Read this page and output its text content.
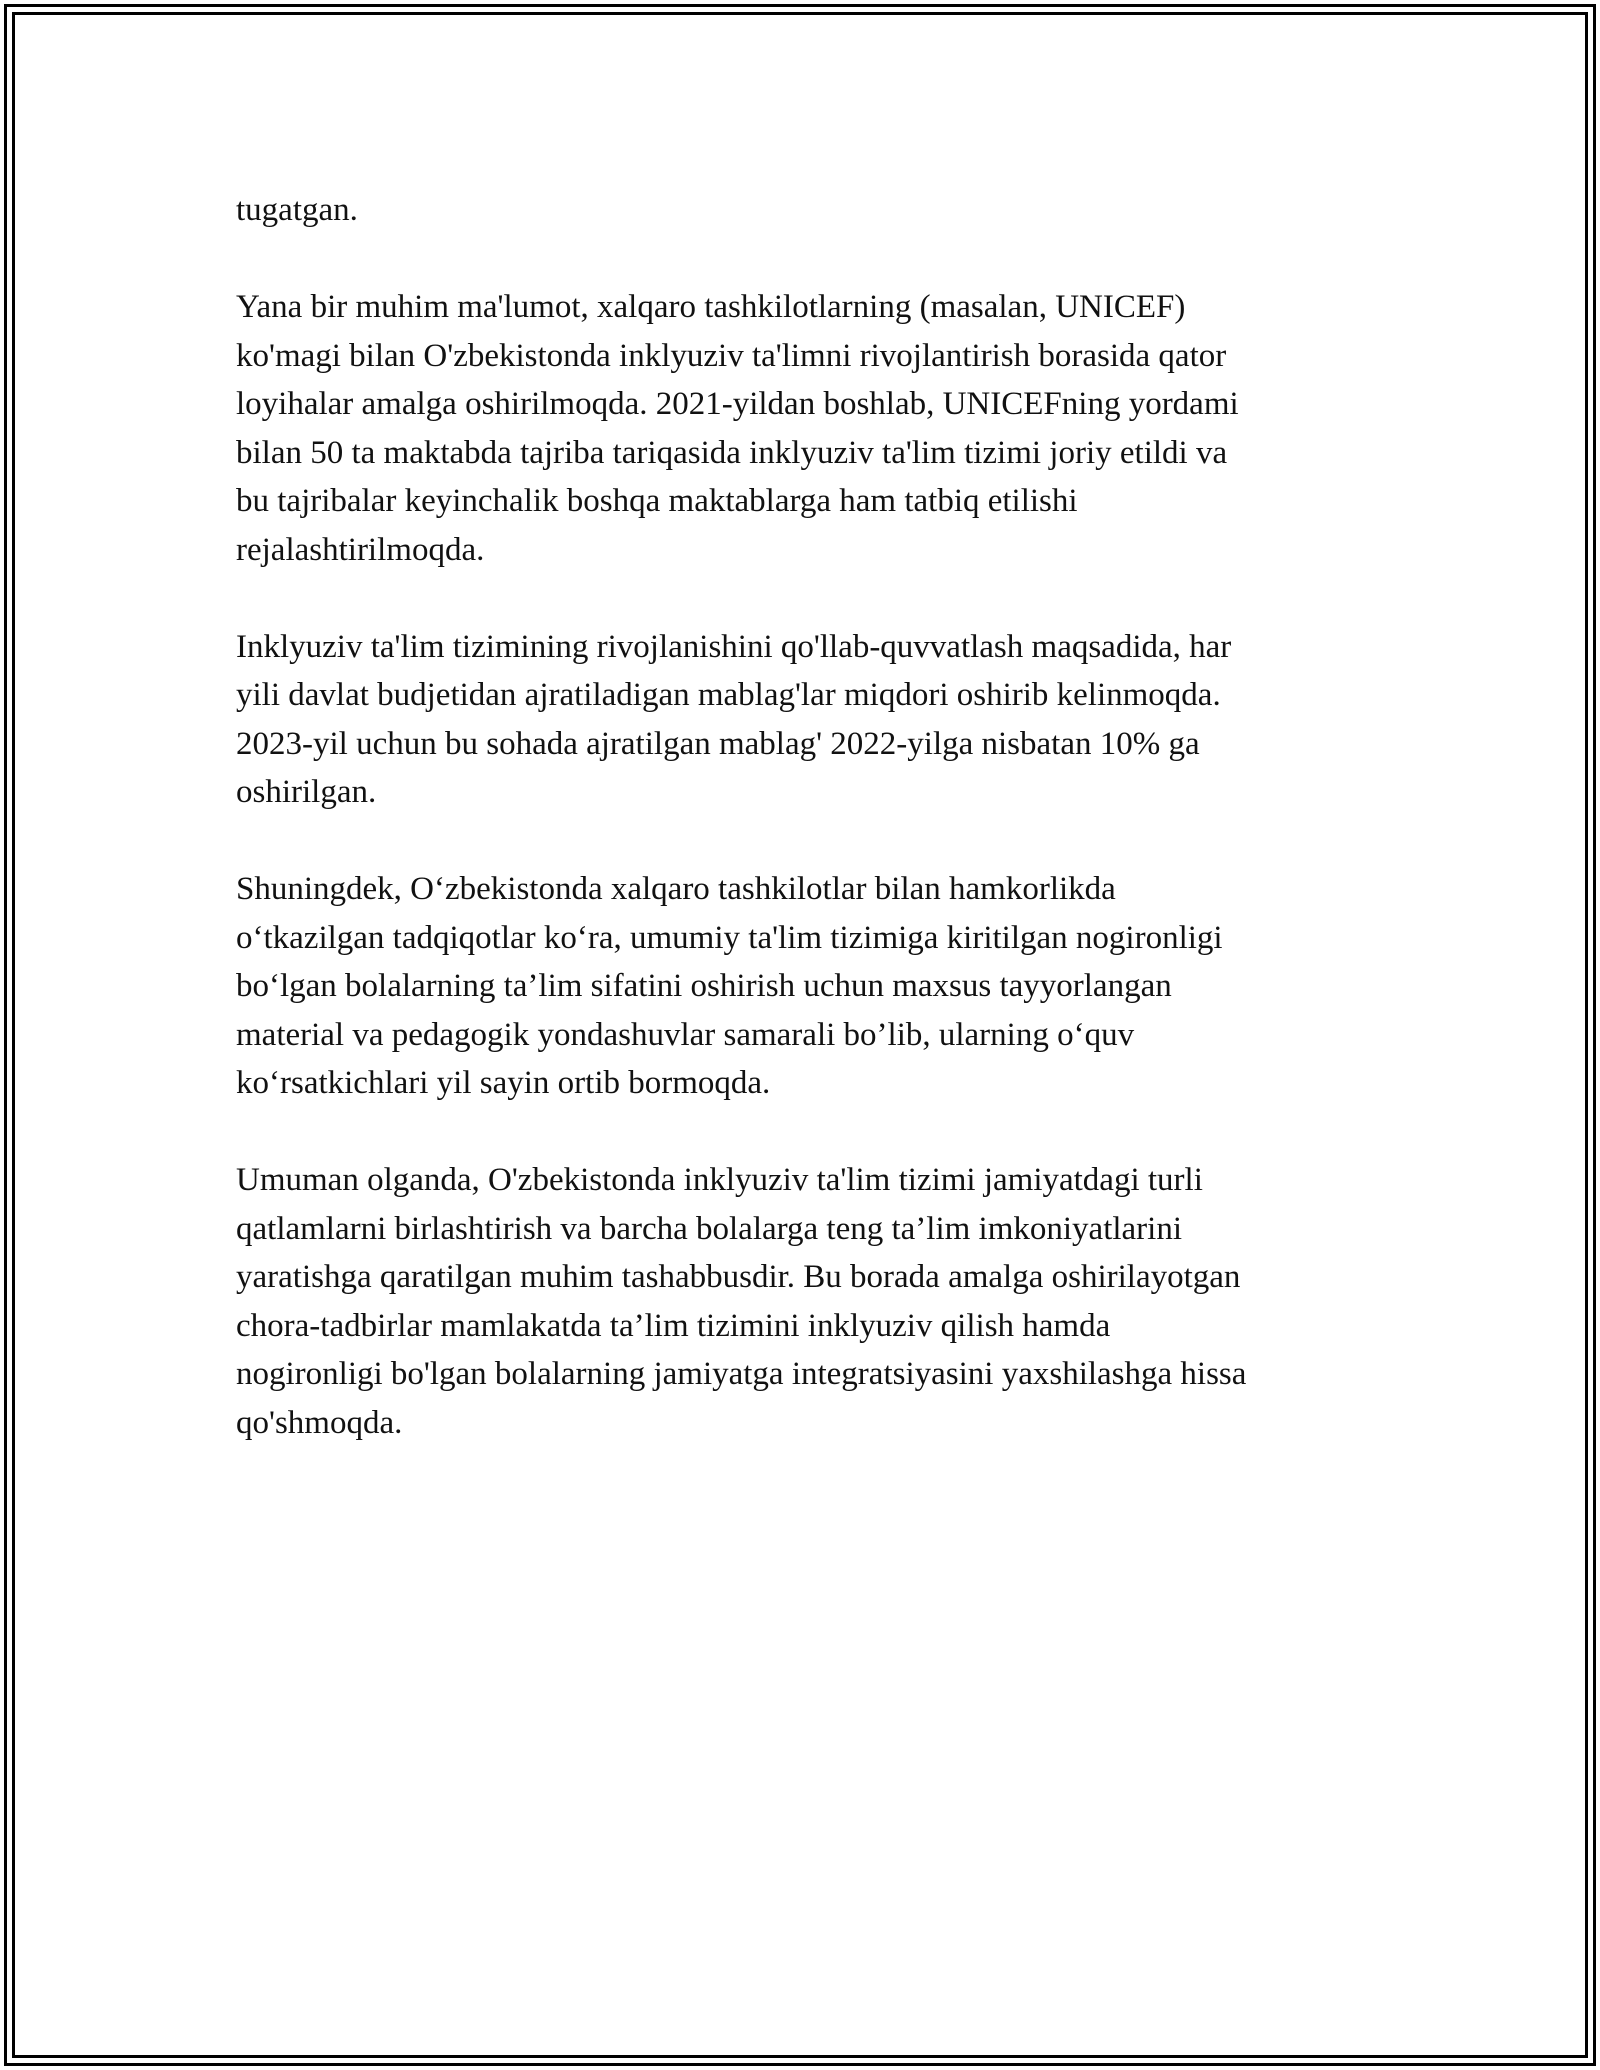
tugatgan.

Yana bir muhim ma'lumot, xalqaro tashkilotlarning (masalan, UNICEF)
ko'magi bilan O'zbekistonda inklyuziv ta'limni rivojlantirish borasida qator
loyihalar amalga oshirilmoqda. 2021-yildan boshlab, UNICEFning yordami
bilan 50 ta maktabda tajriba tariqasida inklyuziv ta'lim tizimi joriy etildi va
bu tajribalar keyinchalik boshqa maktablarga ham tatbiq etilishi
rejalashtirilmoqda.

Inklyuziv ta'lim tizimining rivojlanishini qo'llab-quvvatlash maqsadida, har
yili davlat budjetidan ajratiladigan mablag'lar miqdori oshirib kelinmoqda.
2023-yil uchun bu sohada ajratilgan mablag' 2022-yilga nisbatan 10% ga
oshirilgan.

Shuningdek, O‘zbekistonda xalqaro tashkilotlar bilan hamkorlikda
o‘tkazilgan tadqiqotlar ko‘ra, umumiy ta'lim tizimiga kiritilgan nogironligi
bo‘lgan bolalarning ta’lim sifatini oshirish uchun maxsus tayyorlangan
material va pedagogik yondashuvlar samarali bo’lib, ularning o‘quv
ko‘rsatkichlari yil sayin ortib bormoqda.

Umuman olganda, O'zbekistonda inklyuziv ta'lim tizimi jamiyatdagi turli
qatlamlarni birlashtirish va barcha bolalarga teng ta’lim imkoniyatlarini
yaratishga qaratilgan muhim tashabbusdir. Bu borada amalga oshirilayotgan
chora-tadbirlar mamlakatda ta’lim tizimini inklyuziv qilish hamda
nogironligi bo'lgan bolalarning jamiyatga integratsiyasini yaxshilashga hissa
qo'shmoqda.
